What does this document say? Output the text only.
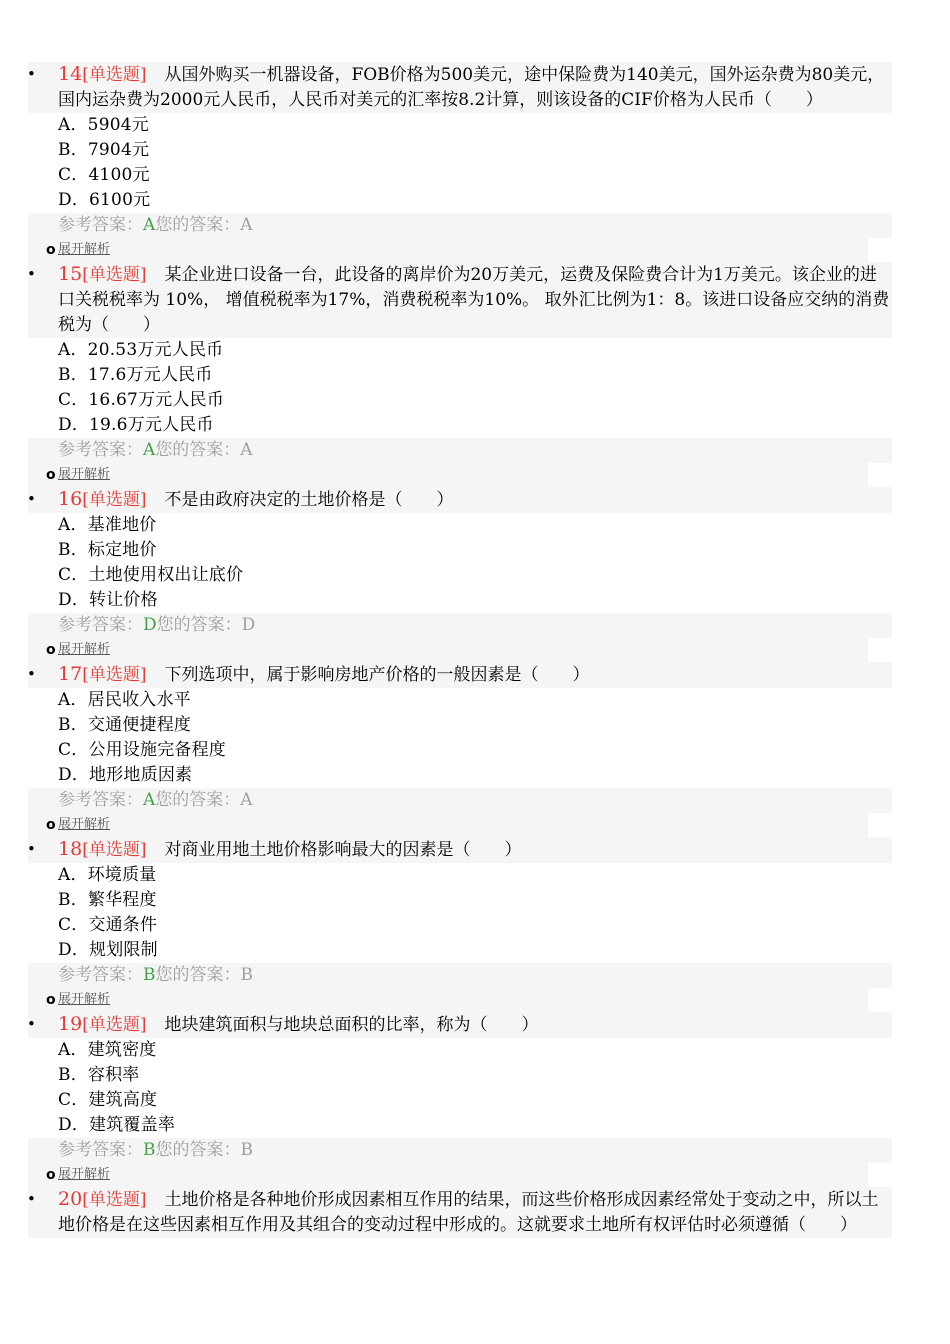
• 14[单选题] 从国外购买一机器设备，FOB价格为500美元，途中保险费为140美元，国外运杂费为80美元，国内运杂费为2000元人民币，人民币对美元的汇率按8.2计算，则该设备的CIF价格为人民币（　　）
A．5904元
B．7904元
C．4100元
D．6100元
参考答案：A您的答案：A
o 展开解析
• 15[单选题] 某企业进口设备一台，此设备的离岸价为20万美元，运费及保险费合计为1万美元。该企业的进口关税税率为 10%， 增值税税率为17%，消费税税率为10%。 取外汇比例为1：8。该进口设备应交纳的消费税为（　　）
A．20.53万元人民币
B．17.6万元人民币
C．16.67万元人民币
D．19.6万元人民币
参考答案：A您的答案：A
o 展开解析
• 16[单选题] 不是由政府决定的土地价格是（　　）
A．基准地价
B．标定地价
C．土地使用权出让底价
D．转让价格
参考答案：D您的答案：D
o 展开解析
• 17[单选题] 下列选项中，属于影响房地产价格的一般因素是（　　）
A．居民收入水平
B．交通便捷程度
C．公用设施完备程度
D．地形地质因素
参考答案：A您的答案：A
o 展开解析
• 18[单选题] 对商业用地土地价格影响最大的因素是（　　）
A．环境质量
B．繁华程度
C．交通条件
D．规划限制
参考答案：B您的答案：B
o 展开解析
• 19[单选题] 地块建筑面积与地块总面积的比率，称为（　　）
A．建筑密度
B．容积率
C．建筑高度
D．建筑覆盖率
参考答案：B您的答案：B
o 展开解析
• 20[单选题] 土地价格是各种地价形成因素相互作用的结果，而这些价格形成因素经常处于变动之中，所以土地价格是在这些因素相互作用及其组合的变动过程中形成的。这就要求土地所有权评估时必须遵循（　　）
